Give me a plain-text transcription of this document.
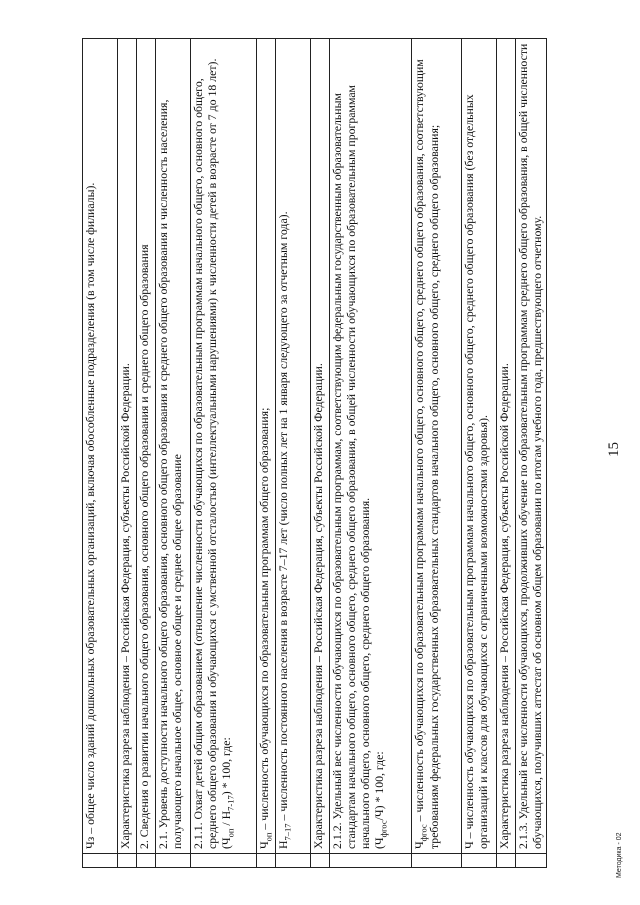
15
Методика - 02
	Чз – общее число зданий дошкольных образовательных организаций, включая обособленные подразделения (в том числе филиалы).
	Характеристика разреза наблюдения – Российская Федерация, субъекты Российской Федерации.
	2. Сведения о развитии начального общего образования, основного общего образования и среднего общего образования
	2.1. Уровень доступности начального общего образования, основного общего образования и среднего общего образования и численность населения, получающего начальное общее, основное общее и среднее общее образование
	2.1.1. Охват детей общим образованием (отношение численности обучающихся по образовательным программам начального общего, основного общего, среднего общего образования и обучающихся с умственной отсталостью (интеллектуальными нарушениями) к численности детей в возрасте от 7 до 18 лет).
$(Ч_{оп} / Н_{7-17}) * 100$, где:
	$Ч_{оп}$ – численность обучающихся по образовательным программам общего образования;
	$Н_{7-17}$ – численность постоянного населения в возрасте 7–17 лет (число полных лет на 1 января следующего за отчетным года).
	Характеристика разреза наблюдения – Российская Федерация, субъекты Российской Федерации.
	2.1.2. Удельный вес численности обучающихся по образовательным программам, соответствующим федеральным государственным образовательным стандартам начального общего, основного общего, среднего общего образования, в общей численности обучающихся по образовательным программам начального общего, основного общего, среднего общего образования.
$(Ч_{фгос}/Ч) * 100$, где:
	$Ч_{фгос}$ – численность обучающихся по образовательным программам начального общего, основного общего, среднего общего образования, соответствующим требованиям федеральных государственных образовательных стандартов начального общего, основного общего, среднего общего образования;
	Ч – численность обучающихся по образовательным программам начального общего, основного общего, среднего общего образования (без отдельных организаций и классов для обучающихся с ограниченными возможностями здоровья).
	Характеристика разреза наблюдения – Российская Федерация, субъекты Российской Федерации.
	2.1.3. Удельный вес численности обучающихся, продолживших обучение по образовательным программам среднего общего образования, в общей численности обучающихся, получивших аттестат об основном общем образовании по итогам учебного года, предшествующего отчетному.
